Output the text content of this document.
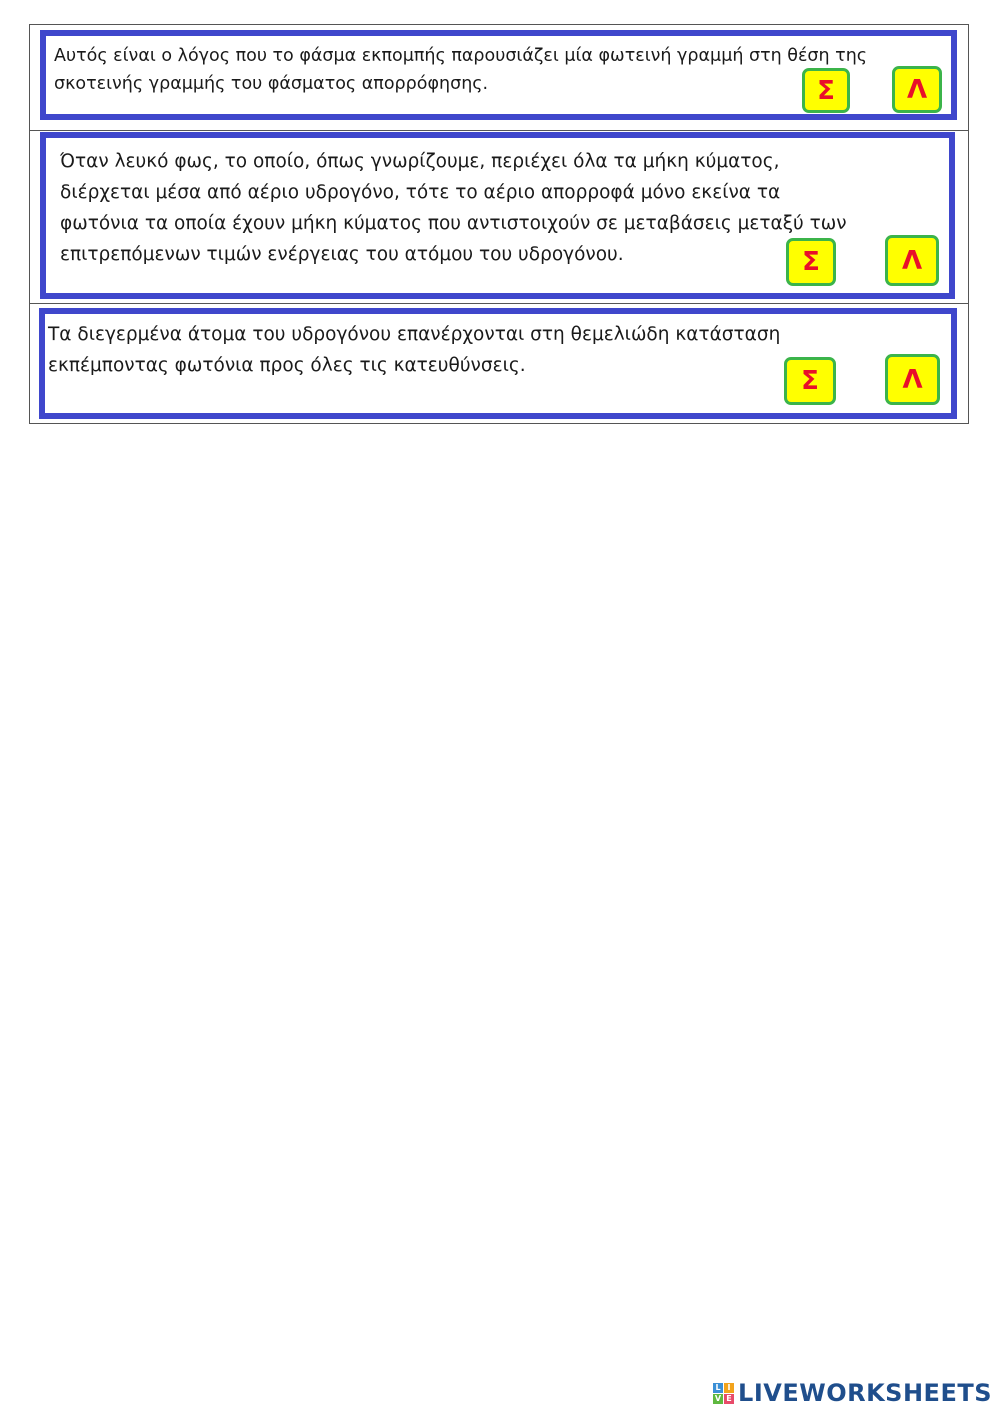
Αυτός είναι ο λόγος που το φάσμα εκπομπής παρουσιάζει μία φωτεινή γραμμή στη θέση της
σκοτεινής γραμμής του φάσματος απορρόφησης.	Σ	Λ

Όταν λευκό φως, το οποίο, όπως γνωρίζουμε, περιέχει όλα τα μήκη κύματος,
διέρχεται μέσα από αέριο υδρογόνο, τότε το αέριο απορροφά μόνο εκείνα τα
φωτόνια τα οποία έχουν μήκη κύματος που αντιστοιχούν σε μεταβάσεις μεταξύ των
επιτρεπόμενων τιμών ενέργειας του ατόμου του υδρογόνου.	Σ	Λ

Τα διεγερμένα άτομα του υδρογόνου επανέρχονται στη θεμελιώδη κατάσταση
εκπέμποντας φωτόνια προς όλες τις κατευθύνσεις.

Σ	Λ
L I
V E LIVEWORKSHEETS
